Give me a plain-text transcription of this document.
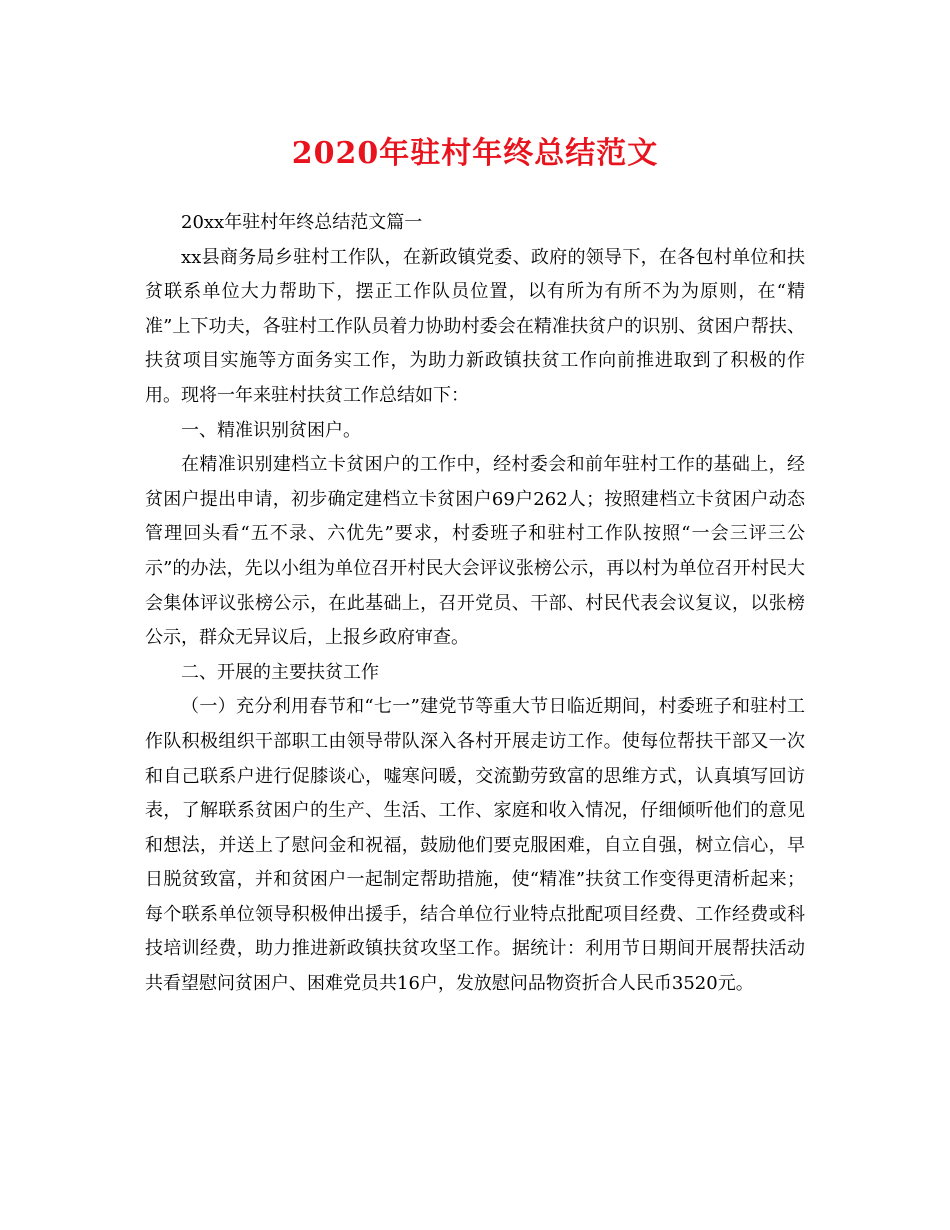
2020年驻村年终总结范文

20xx年驻村年终总结范文篇一

xx县商务局乡驻村工作队，在新政镇党委、政府的领导下，在各包村单位和扶贫联系单位大力帮助下，摆正工作队员位置，以有所为有所不为为原则，在“精准”上下功夫，各驻村工作队员着力协助村委会在精准扶贫户的识别、贫困户帮扶、扶贫项目实施等方面务实工作，为助力新政镇扶贫工作向前推进取到了积极的作用。现将一年来驻村扶贫工作总结如下：

一、精准识别贫困户。

在精准识别建档立卡贫困户的工作中，经村委会和前年驻村工作的基础上，经贫困户提出申请，初步确定建档立卡贫困户69户262人；按照建档立卡贫困户动态管理回头看“五不录、六优先”要求，村委班子和驻村工作队按照“一会三评三公示”的办法，先以小组为单位召开村民大会评议张榜公示，再以村为单位召开村民大会集体评议张榜公示，在此基础上，召开党员、干部、村民代表会议复议，以张榜公示，群众无异议后，上报乡政府审查。

二、开展的主要扶贫工作

（一）充分利用春节和“七一”建党节等重大节日临近期间，村委班子和驻村工作队积极组织干部职工由领导带队深入各村开展走访工作。使每位帮扶干部又一次和自己联系户进行促膝谈心，嘘寒问暖，交流勤劳致富的思维方式，认真填写回访表，了解联系贫困户的生产、生活、工作、家庭和收入情况，仔细倾听他们的意见和想法，并送上了慰问金和祝福，鼓励他们要克服困难，自立自强，树立信心，早日脱贫致富，并和贫困户一起制定帮助措施，使“精准”扶贫工作变得更清析起来；每个联系单位领导积极伸出援手，结合单位行业特点批配项目经费、工作经费或科技培训经费，助力推进新政镇扶贫攻坚工作。据统计：利用节日期间开展帮扶活动共看望慰问贫困户、困难党员共16户，发放慰问品物资折合人民币3520元。
